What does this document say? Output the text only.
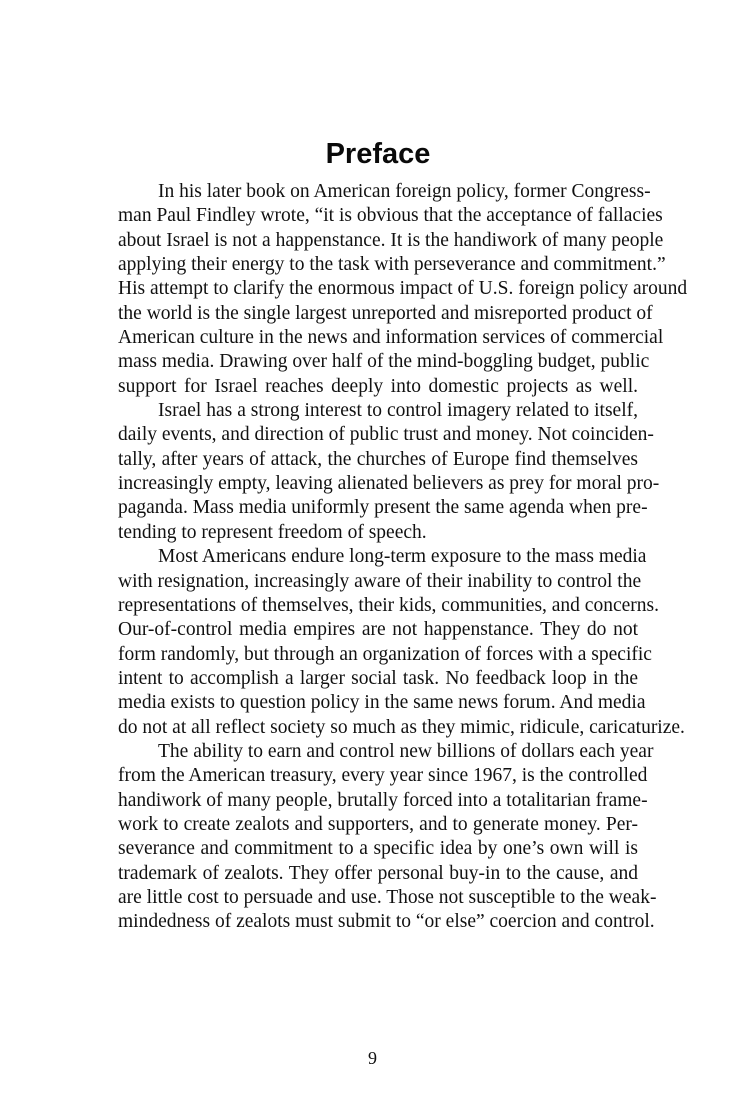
Preface
In his later book on American foreign policy, former Congress-
man Paul Findley wrote, “it is obvious that the acceptance of fallacies
about Israel is not a happenstance. It is the handiwork of many people
applying their energy to the task with perseverance and commitment.”
His attempt to clarify the enormous impact of U.S. foreign policy around
the world is the single largest unreported and misreported product of
American culture in the news and information services of commercial
mass media. Drawing over half of the mind-boggling budget, public
support for Israel reaches deeply into domestic projects as well.
Israel has a strong interest to control imagery related to itself,
daily events, and direction of public trust and money. Not coinciden-
tally, after years of attack, the churches of Europe find themselves
increasingly empty, leaving alienated believers as prey for moral pro-
paganda. Mass media uniformly present the same agenda when pre-
tending to represent freedom of speech.
Most Americans endure long-term exposure to the mass media
with resignation, increasingly aware of their inability to control the
representations of themselves, their kids, communities, and concerns.
Our-of-control media empires are not happenstance. They do not
form randomly, but through an organization of forces with a specific
intent to accomplish a larger social task. No feedback loop in the
media exists to question policy in the same news forum. And media
do not at all reflect society so much as they mimic, ridicule, caricaturize.
The ability to earn and control new billions of dollars each year
from the American treasury, every year since 1967, is the controlled
handiwork of many people, brutally forced into a totalitarian frame-
work to create zealots and supporters, and to generate money. Per-
severance and commitment to a specific idea by one’s own will is
trademark of zealots. They offer personal buy-in to the cause, and
are little cost to persuade and use. Those not susceptible to the weak-
mindedness of zealots must submit to “or else” coercion and control.
9
